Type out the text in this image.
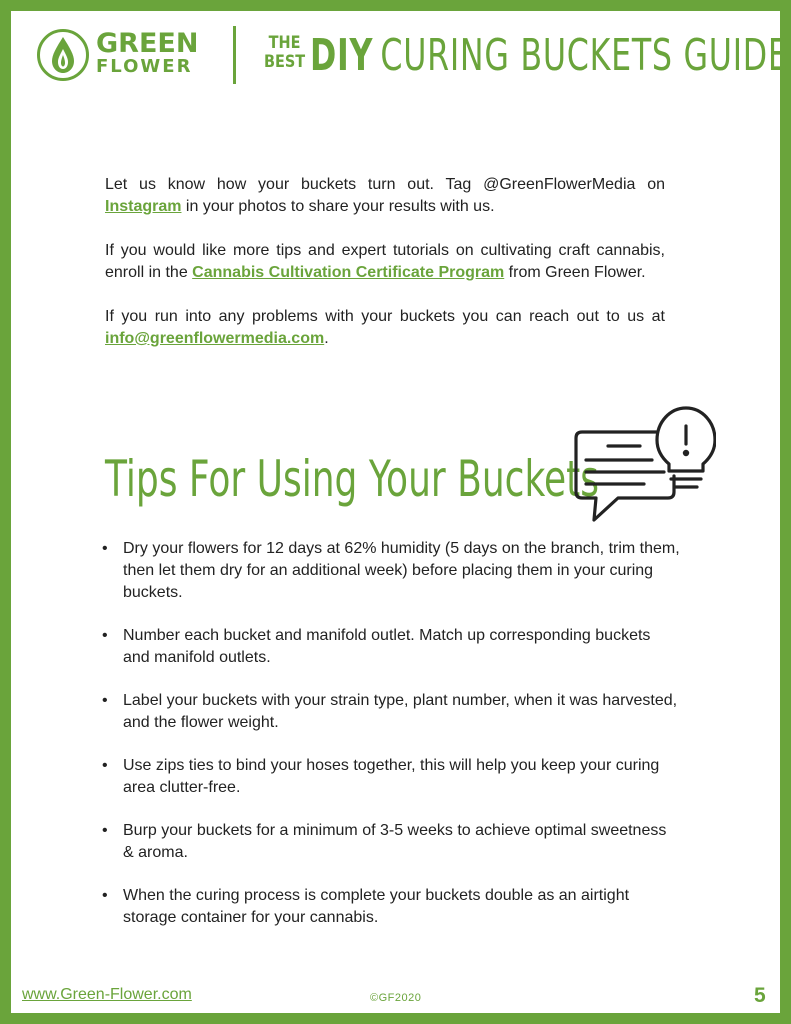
GREEN
FLOWER
THE
BEST DIY CURING BUCKETS GUIDE

Let us know how your buckets turn out. Tag @GreenFlowerMedia on Instagram in your photos to share your results with us.

If you would like more tips and expert tutorials on cultivating craft cannabis, enroll in the Cannabis Cultivation Certificate Program from Green Flower.

If you run into any problems with your buckets you can reach out to us at info@greenflowermedia.com.

Tips For Using Your Buckets
• Dry your flowers for 12 days at 62% humidity (5 days on the branch, trim them, then let them dry for an additional week) before placing them in your curing buckets.
• Number each bucket and manifold outlet. Match up corresponding buckets and manifold outlets.
• Label your buckets with your strain type, plant number, when it was harvested, and the flower weight.
• Use zips ties to bind your hoses together, this will help you keep your curing area clutter-free.
• Burp your buckets for a minimum of 3-5 weeks to achieve optimal sweetness & aroma.
• When the curing process is complete your buckets double as an airtight storage container for your cannabis.
www.Green-Flower.com	©GF2020	5
